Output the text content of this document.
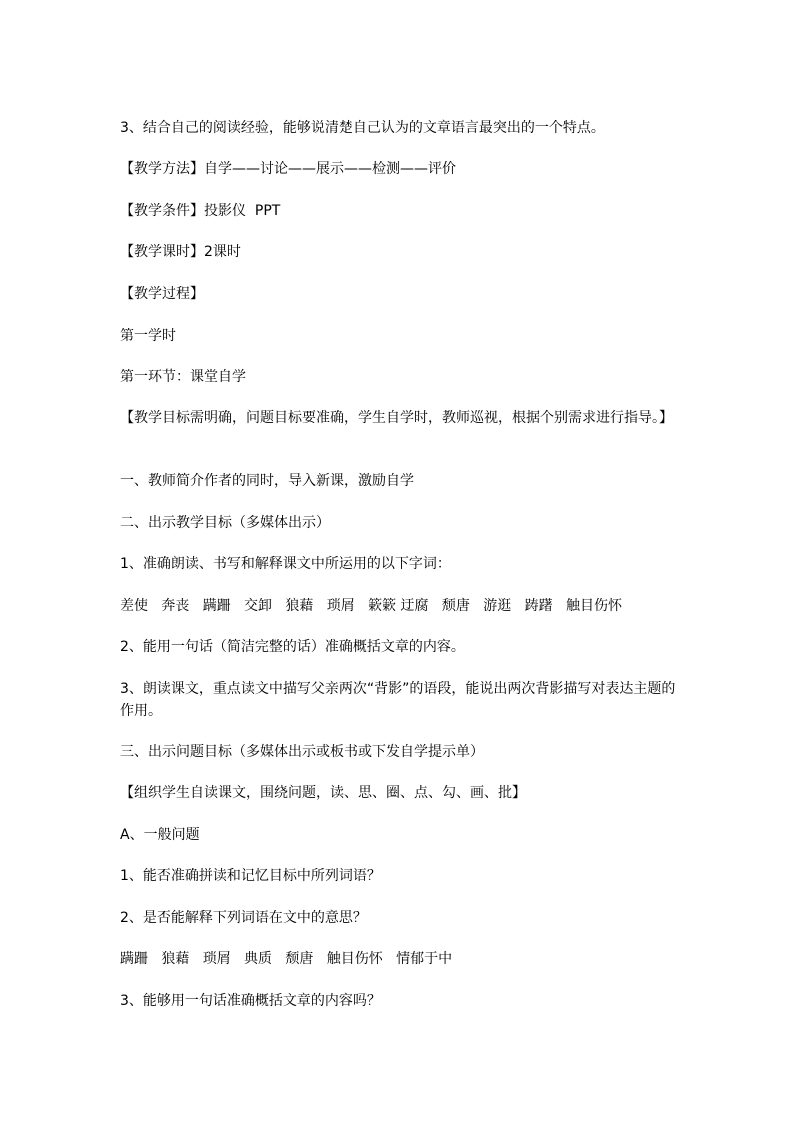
3、结合自己的阅读经验，能够说清楚自己认为的文章语言最突出的一个特点。
【教学方法】自学——讨论——展示——检测——评价
【教学条件】投影仪  PPT
【教学课时】2课时
【教学过程】
第一学时
第一环节：课堂自学
【教学目标需明确，问题目标要准确，学生自学时，教师巡视，根据个别需求进行指导。】
一、教师简介作者的同时，导入新课，激励自学
二、出示教学目标（多媒体出示）
1、准确朗读、书写和解释课文中所运用的以下字词：
差使   奔丧   蹒跚   交卸   狼藉   琐屑   簌簌 迂腐   颓唐   游逛   踌躇   触目伤怀
2、能用一句话（简洁完整的话）准确概括文章的内容。
3、朗读课文，重点读文中描写父亲两次“背影”的语段，能说出两次背影描写对表达主题的作用。
三、出示问题目标（多媒体出示或板书或下发自学提示单）
【组织学生自读课文，围绕问题，读、思、圈、点、勾、画、批】
A、一般问题
1、能否准确拼读和记忆目标中所列词语？
2、是否能解释下列词语在文中的意思？
蹒跚   狼藉   琐屑   典质   颓唐   触目伤怀   情郁于中
3、能够用一句话准确概括文章的内容吗？
